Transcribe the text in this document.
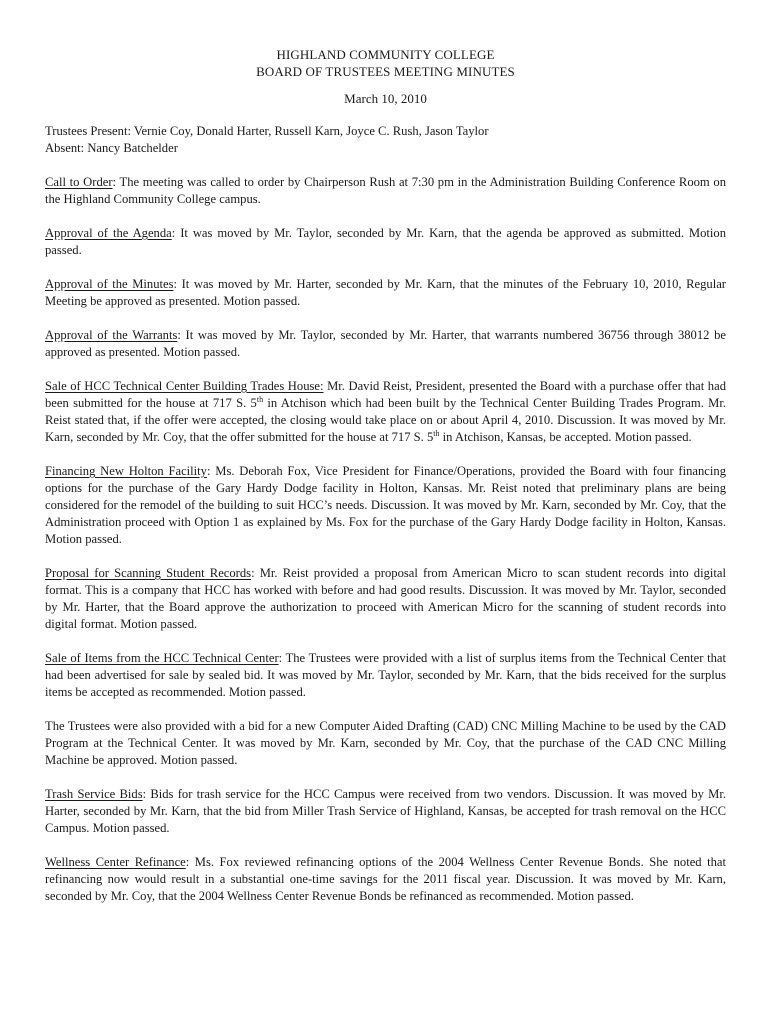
HIGHLAND COMMUNITY COLLEGE
BOARD OF TRUSTEES MEETING MINUTES
March 10, 2010
Trustees Present: Vernie Coy, Donald Harter, Russell Karn, Joyce C. Rush, Jason Taylor
Absent: Nancy Batchelder

Call to Order: The meeting was called to order by Chairperson Rush at 7:30 pm in the Administration Building Conference Room on the Highland Community College campus.

Approval of the Agenda: It was moved by Mr. Taylor, seconded by Mr. Karn, that the agenda be approved as submitted. Motion passed.

Approval of the Minutes: It was moved by Mr. Harter, seconded by Mr. Karn, that the minutes of the February 10, 2010, Regular Meeting be approved as presented. Motion passed.

Approval of the Warrants: It was moved by Mr. Taylor, seconded by Mr. Harter, that warrants numbered 36756 through 38012 be approved as presented. Motion passed.

Sale of HCC Technical Center Building Trades House: Mr. David Reist, President, presented the Board with a purchase offer that had been submitted for the house at 717 S. 5th in Atchison which had been built by the Technical Center Building Trades Program. Mr. Reist stated that, if the offer were accepted, the closing would take place on or about April 4, 2010. Discussion. It was moved by Mr. Karn, seconded by Mr. Coy, that the offer submitted for the house at 717 S. 5th in Atchison, Kansas, be accepted. Motion passed.

Financing New Holton Facility: Ms. Deborah Fox, Vice President for Finance/Operations, provided the Board with four financing options for the purchase of the Gary Hardy Dodge facility in Holton, Kansas. Mr. Reist noted that preliminary plans are being considered for the remodel of the building to suit HCC’s needs. Discussion. It was moved by Mr. Karn, seconded by Mr. Coy, that the Administration proceed with Option 1 as explained by Ms. Fox for the purchase of the Gary Hardy Dodge facility in Holton, Kansas. Motion passed.

Proposal for Scanning Student Records: Mr. Reist provided a proposal from American Micro to scan student records into digital format. This is a company that HCC has worked with before and had good results. Discussion. It was moved by Mr. Taylor, seconded by Mr. Harter, that the Board approve the authorization to proceed with American Micro for the scanning of student records into digital format. Motion passed.

Sale of Items from the HCC Technical Center: The Trustees were provided with a list of surplus items from the Technical Center that had been advertised for sale by sealed bid. It was moved by Mr. Taylor, seconded by Mr. Karn, that the bids received for the surplus items be accepted as recommended. Motion passed.

The Trustees were also provided with a bid for a new Computer Aided Drafting (CAD) CNC Milling Machine to be used by the CAD Program at the Technical Center. It was moved by Mr. Karn, seconded by Mr. Coy, that the purchase of the CAD CNC Milling Machine be approved. Motion passed.

Trash Service Bids: Bids for trash service for the HCC Campus were received from two vendors. Discussion. It was moved by Mr. Harter, seconded by Mr. Karn, that the bid from Miller Trash Service of Highland, Kansas, be accepted for trash removal on the HCC Campus. Motion passed.

Wellness Center Refinance: Ms. Fox reviewed refinancing options of the 2004 Wellness Center Revenue Bonds. She noted that refinancing now would result in a substantial one-time savings for the 2011 fiscal year. Discussion. It was moved by Mr. Karn, seconded by Mr. Coy, that the 2004 Wellness Center Revenue Bonds be refinanced as recommended. Motion passed.
